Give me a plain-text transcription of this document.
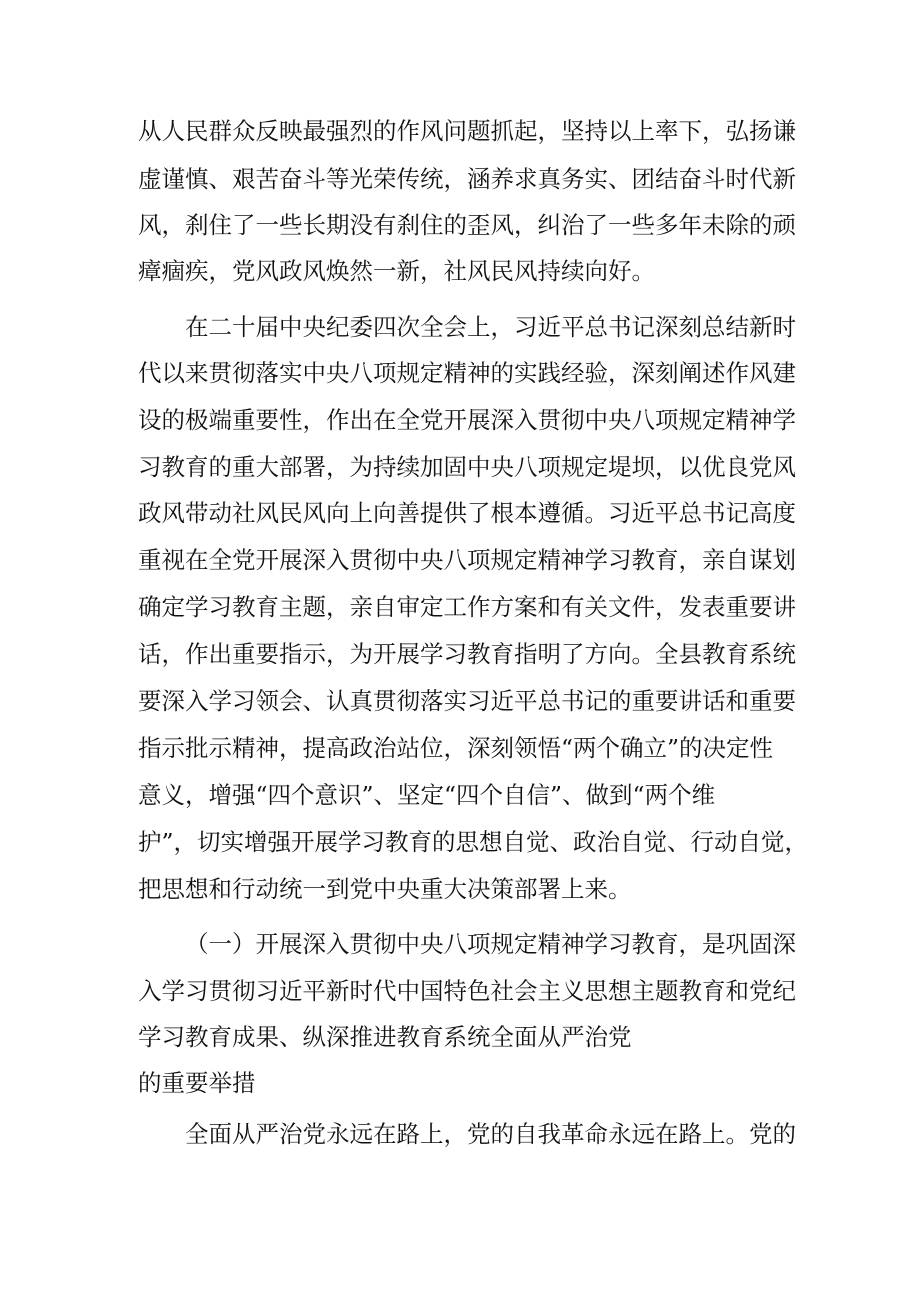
从人民群众反映最强烈的作风问题抓起，坚持以上率下，弘扬谦

虚谨慎、艰苦奋斗等光荣传统，涵养求真务实、团结奋斗时代新

风，刹住了一些长期没有刹住的歪风，纠治了一些多年未除的顽

瘴痼疾，党风政风焕然一新，社风民风持续向好。

在二十届中央纪委四次全会上，习近平总书记深刻总结新时

代以来贯彻落实中央八项规定精神的实践经验，深刻阐述作风建

设的极端重要性，作出在全党开展深入贯彻中央八项规定精神学

习教育的重大部署，为持续加固中央八项规定堤坝，以优良党风

政风带动社风民风向上向善提供了根本遵循。习近平总书记高度

重视在全党开展深入贯彻中央八项规定精神学习教育，亲自谋划

确定学习教育主题，亲自审定工作方案和有关文件，发表重要讲

话，作出重要指示，为开展学习教育指明了方向。全县教育系统

要深入学习领会、认真贯彻落实习近平总书记的重要讲话和重要

指示批示精神，提高政治站位，深刻领悟“两个确立”的决定性

意义，增强“四个意识”、坚定“四个自信”、做到“两个维

护”，切实增强开展学习教育的思想自觉、政治自觉、行动自觉，

把思想和行动统一到党中央重大决策部署上来。

（一）开展深入贯彻中央八项规定精神学习教育，是巩固深

入学习贯彻习近平新时代中国特色社会主义思想主题教育和党纪

学习教育成果、纵深推进教育系统全面从严治党

的重要举措

全面从严治党永远在路上，党的自我革命永远在路上。党的
